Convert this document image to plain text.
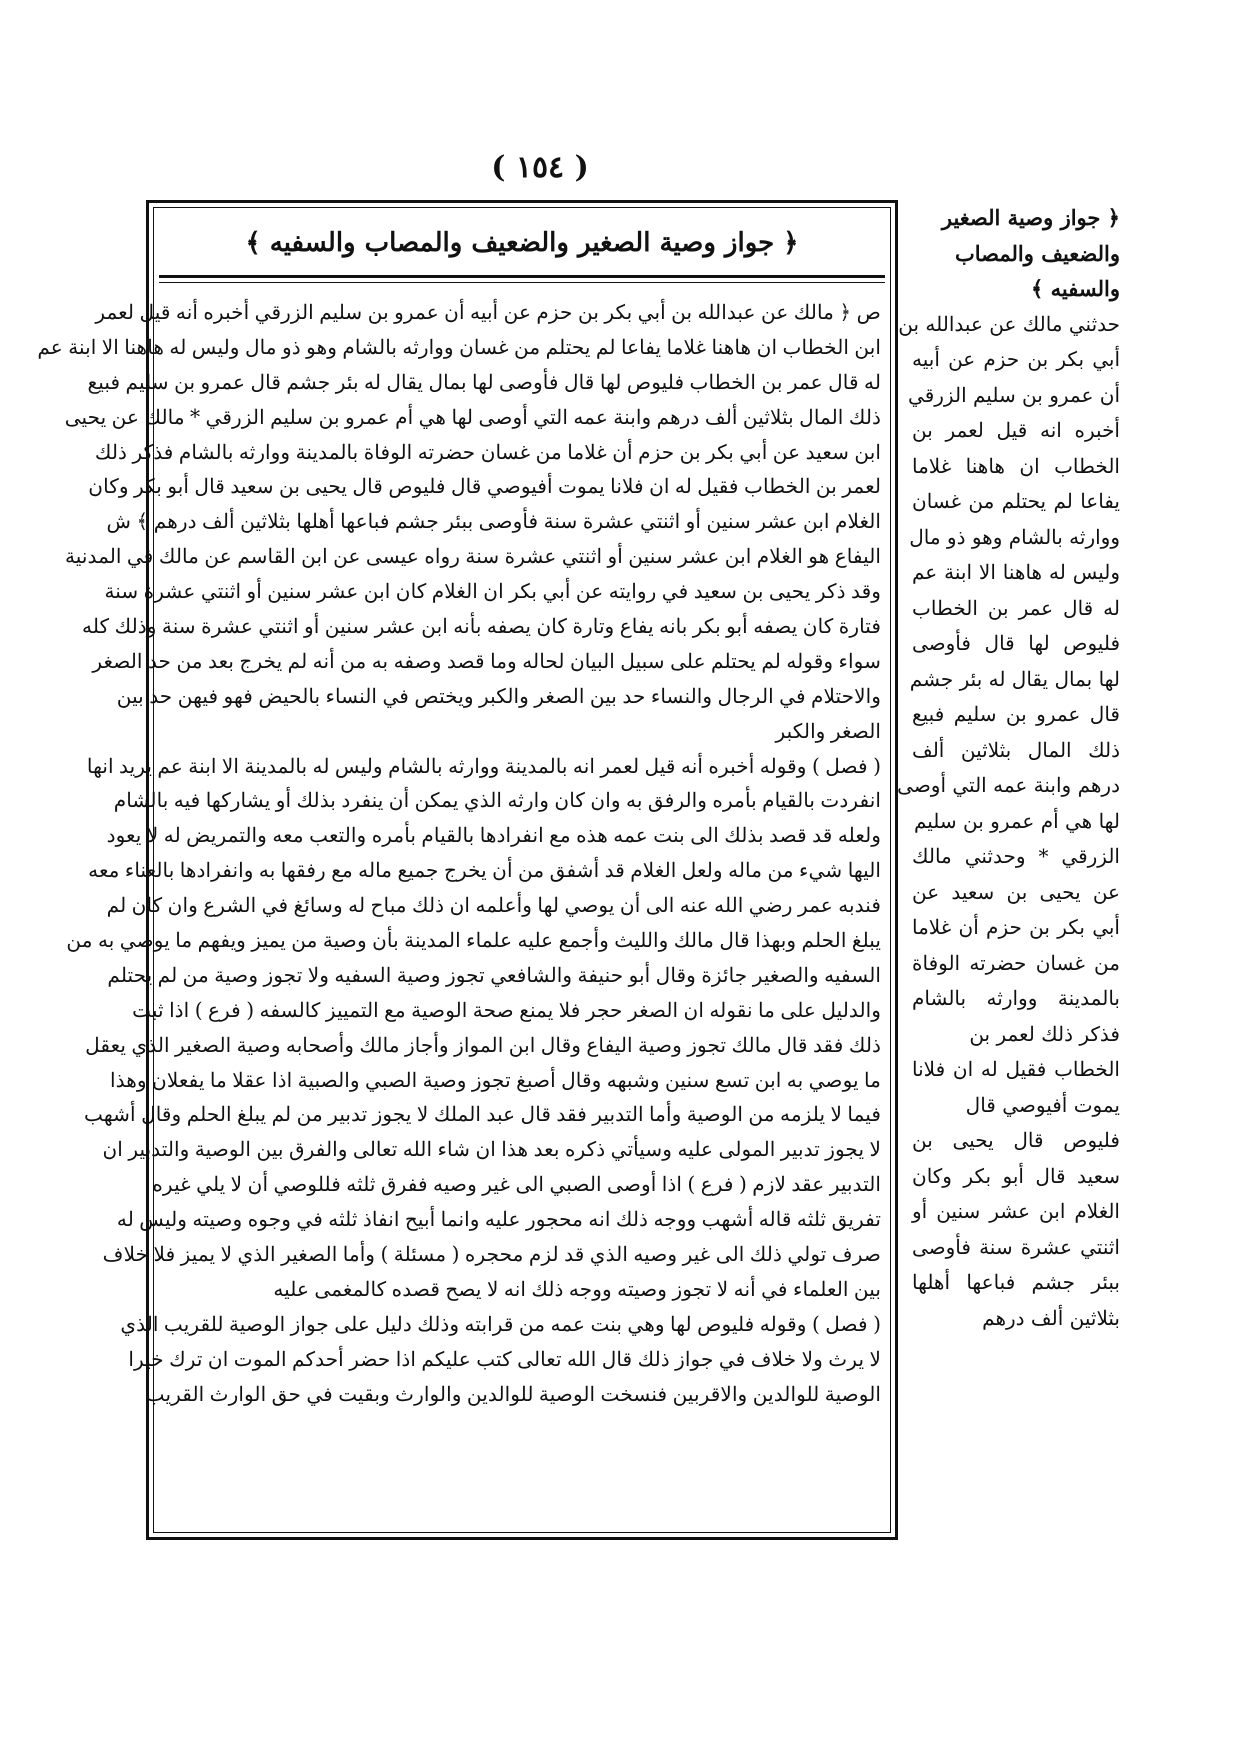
( ١٥٤ )
﴿ جواز وصية الصغير والضعيف والمصاب والسفيه ﴾
ص ﴿ مالك عن عبدالله بن أبي بكر بن حزم عن أبيه أن عمرو بن سليم الزرقي أخبره أنه قيل لعمر
ابن الخطاب ان هاهنا غلاما يفاعا لم يحتلم من غسان ووارثه بالشام وهو ذو مال وليس له هاهنا الا ابنة عم
له قال عمر بن الخطاب فليوص لها قال فأوصى لها بمال يقال له بئر جشم قال عمرو بن سليم فبيع
ذلك المال بثلاثين ألف درهم وابنة عمه التي أوصى لها هي أم عمرو بن سليم الزرقي * مالك عن يحيى
ابن سعيد عن أبي بكر بن حزم أن غلاما من غسان حضرته الوفاة بالمدينة ووارثه بالشام فذكر ذلك
لعمر بن الخطاب فقيل له ان فلانا يموت أفيوصي قال فليوص قال يحيى بن سعيد قال أبو بكر وكان
الغلام ابن عشر سنين أو اثنتي عشرة سنة فأوصى ببئر جشم فباعها أهلها بثلاثين ألف درهم ﴾ ش
اليفاع هو الغلام ابن عشر سنين أو اثنتي عشرة سنة رواه عيسى عن ابن القاسم عن مالك في المدنية
وقد ذكر يحيى بن سعيد في روايته عن أبي بكر ان الغلام كان ابن عشر سنين أو اثنتي عشرة سنة
فتارة كان يصفه أبو بكر بانه يفاع وتارة كان يصفه بأنه ابن عشر سنين أو اثنتي عشرة سنة وذلك كله
سواء وقوله لم يحتلم على سبيل البيان لحاله وما قصد وصفه به من أنه لم يخرج بعد من حد الصغر
والاحتلام في الرجال والنساء حد بين الصغر والكبر ويختص في النساء بالحيض فهو فيهن حد بين
الصغر والكبر
( فصل ) وقوله أخبره أنه قيل لعمر انه بالمدينة ووارثه بالشام وليس له بالمدينة الا ابنة عم يريد انها
انفردت بالقيام بأمره والرفق به وان كان وارثه الذي يمكن أن ينفرد بذلك أو يشاركها فيه بالشام
ولعله قد قصد بذلك الى بنت عمه هذه مع انفرادها بالقيام بأمره والتعب معه والتمريض له لا يعود
اليها شيء من ماله ولعل الغلام قد أشفق من أن يخرج جميع ماله مع رفقها به وانفرادها بالعناء معه
فندبه عمر رضي الله عنه الى أن يوصي لها وأعلمه ان ذلك مباح له وسائغ في الشرع وان كان لم
يبلغ الحلم وبهذا قال مالك والليث وأجمع عليه علماء المدينة بأن وصية من يميز ويفهم ما يوصي به من
السفيه والصغير جائزة وقال أبو حنيفة والشافعي تجوز وصية السفيه ولا تجوز وصية من لم يحتلم
والدليل على ما نقوله ان الصغر حجر فلا يمنع صحة الوصية مع التمييز كالسفه ( فرع ) اذا ثبت
ذلك فقد قال مالك تجوز وصية اليفاع وقال ابن المواز وأجاز مالك وأصحابه وصية الصغير الذي يعقل
ما يوصي به ابن تسع سنين وشبهه وقال أصبغ تجوز وصية الصبي والصبية اذا عقلا ما يفعلان وهذا
فيما لا يلزمه من الوصية وأما التدبير فقد قال عبد الملك لا يجوز تدبير من لم يبلغ الحلم وقال أشهب
لا يجوز تدبير المولى عليه وسيأتي ذكره بعد هذا ان شاء الله تعالى والفرق بين الوصية والتدبير ان
التدبير عقد لازم ( فرع ) اذا أوصى الصبي الى غير وصيه ففرق ثلثه فللوصي أن لا يلي غيره
تفريق ثلثه قاله أشهب ووجه ذلك انه محجور عليه وانما أبيح انفاذ ثلثه في وجوه وصيته وليس له
صرف تولي ذلك الى غير وصيه الذي قد لزم محجره ( مسئلة ) وأما الصغير الذي لا يميز فلا خلاف
بين العلماء في أنه لا تجوز وصيته ووجه ذلك انه لا يصح قصده كالمغمى عليه
( فصل ) وقوله فليوص لها وهي بنت عمه من قرابته وذلك دليل على جواز الوصية للقريب الذي
لا يرث ولا خلاف في جواز ذلك قال الله تعالى كتب عليكم اذا حضر أحدكم الموت ان ترك خيرا
الوصية للوالدين والاقربين فنسخت الوصية للوالدين والوارث وبقيت في حق الوارث القريب
﴿ جواز وصية الصغير
والضعيف والمصاب
والسفيه ﴾
حدثني مالك عن عبدالله بن
أبي بكر بن حزم عن أبيه
أن عمرو بن سليم الزرقي
أخبره انه قيل لعمر بن
الخطاب ان هاهنا غلاما
يفاعا لم يحتلم من غسان
ووارثه بالشام وهو ذو مال
وليس له هاهنا الا ابنة عم
له قال عمر بن الخطاب
فليوص لها قال فأوصى
لها بمال يقال له بئر جشم
قال عمرو بن سليم فبيع
ذلك المال بثلاثين ألف
درهم وابنة عمه التي أوصى
لها هي أم عمرو بن سليم
الزرقي * وحدثني مالك
عن يحيى بن سعيد عن
أبي بكر بن حزم أن غلاما
من غسان حضرته الوفاة
بالمدينة ووارثه بالشام
فذكر ذلك لعمر بن
الخطاب فقيل له ان فلانا
يموت أفيوصي قال
فليوص قال يحيى بن
سعيد قال أبو بكر وكان
الغلام ابن عشر سنين أو
اثنتي عشرة سنة فأوصى
ببئر جشم فباعها أهلها
بثلاثين ألف درهم
